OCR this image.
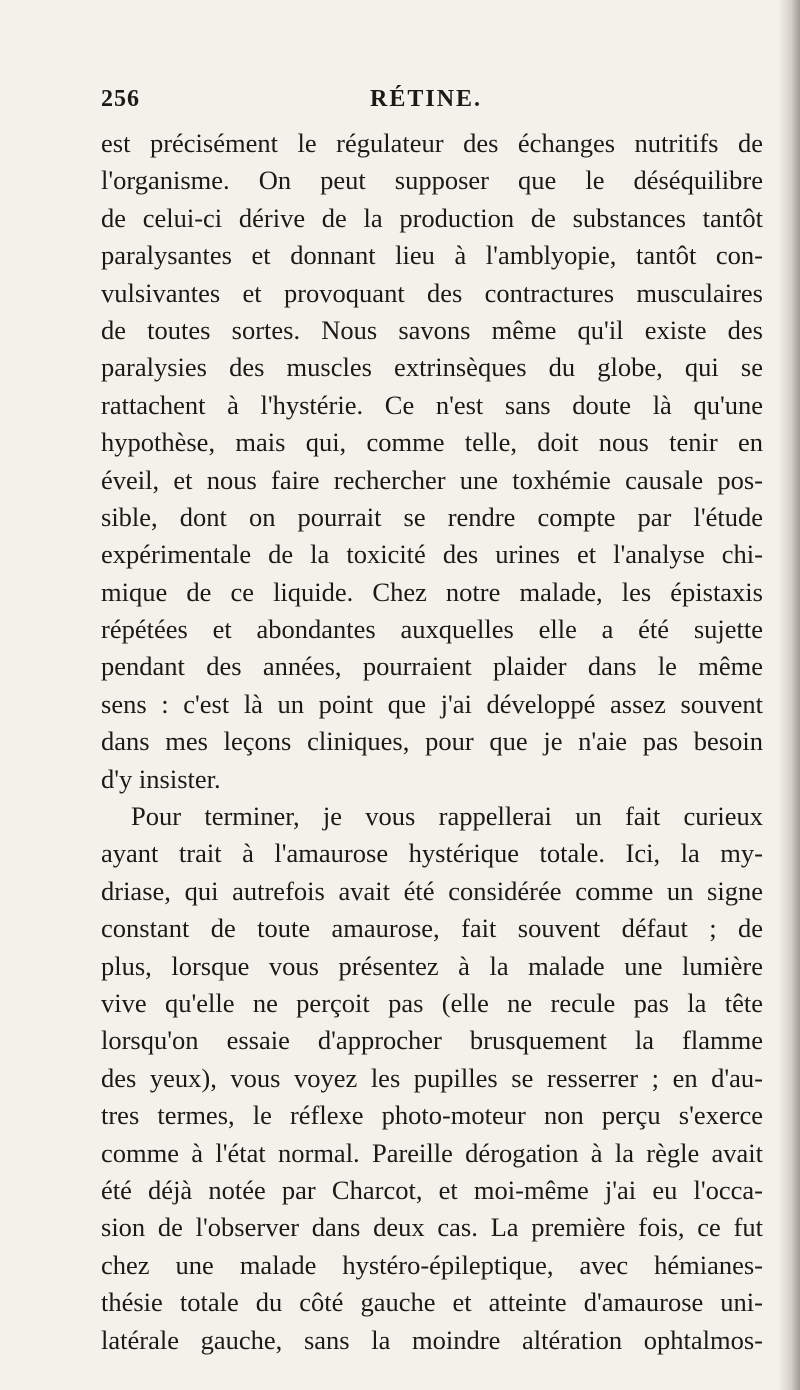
256	RÉTINE.
est précisément le régulateur des échanges nutritifs de
l'organisme. On peut supposer que le déséquilibre
de celui-ci dérive de la production de substances tantôt
paralysantes et donnant lieu à l'amblyopie, tantôt con-
vulsivantes et provoquant des contractures musculaires
de toutes sortes. Nous savons même qu'il existe des
paralysies des muscles extrinsèques du globe, qui se
rattachent à l'hystérie. Ce n'est sans doute là qu'une
hypothèse, mais qui, comme telle, doit nous tenir en
éveil, et nous faire rechercher une toxhémie causale pos-
sible, dont on pourrait se rendre compte par l'étude
expérimentale de la toxicité des urines et l'analyse chi-
mique de ce liquide. Chez notre malade, les épistaxis
répétées et abondantes auxquelles elle a été sujette
pendant des années, pourraient plaider dans le même
sens : c'est là un point que j'ai développé assez souvent
dans mes leçons cliniques, pour que je n'aie pas besoin
d'y insister.
Pour terminer, je vous rappellerai un fait curieux
ayant trait à l'amaurose hystérique totale. Ici, la my-
driase, qui autrefois avait été considérée comme un signe
constant de toute amaurose, fait souvent défaut ; de
plus, lorsque vous présentez à la malade une lumière
vive qu'elle ne perçoit pas (elle ne recule pas la tête
lorsqu'on essaie d'approcher brusquement la flamme
des yeux), vous voyez les pupilles se resserrer ; en d'au-
tres termes, le réflexe photo-moteur non perçu s'exerce
comme à l'état normal. Pareille dérogation à la règle avait
été déjà notée par Charcot, et moi-même j'ai eu l'occa-
sion de l'observer dans deux cas. La première fois, ce fut
chez une malade hystéro-épileptique, avec hémianes-
thésie totale du côté gauche et atteinte d'amaurose uni-
latérale gauche, sans la moindre altération ophtalmos-
